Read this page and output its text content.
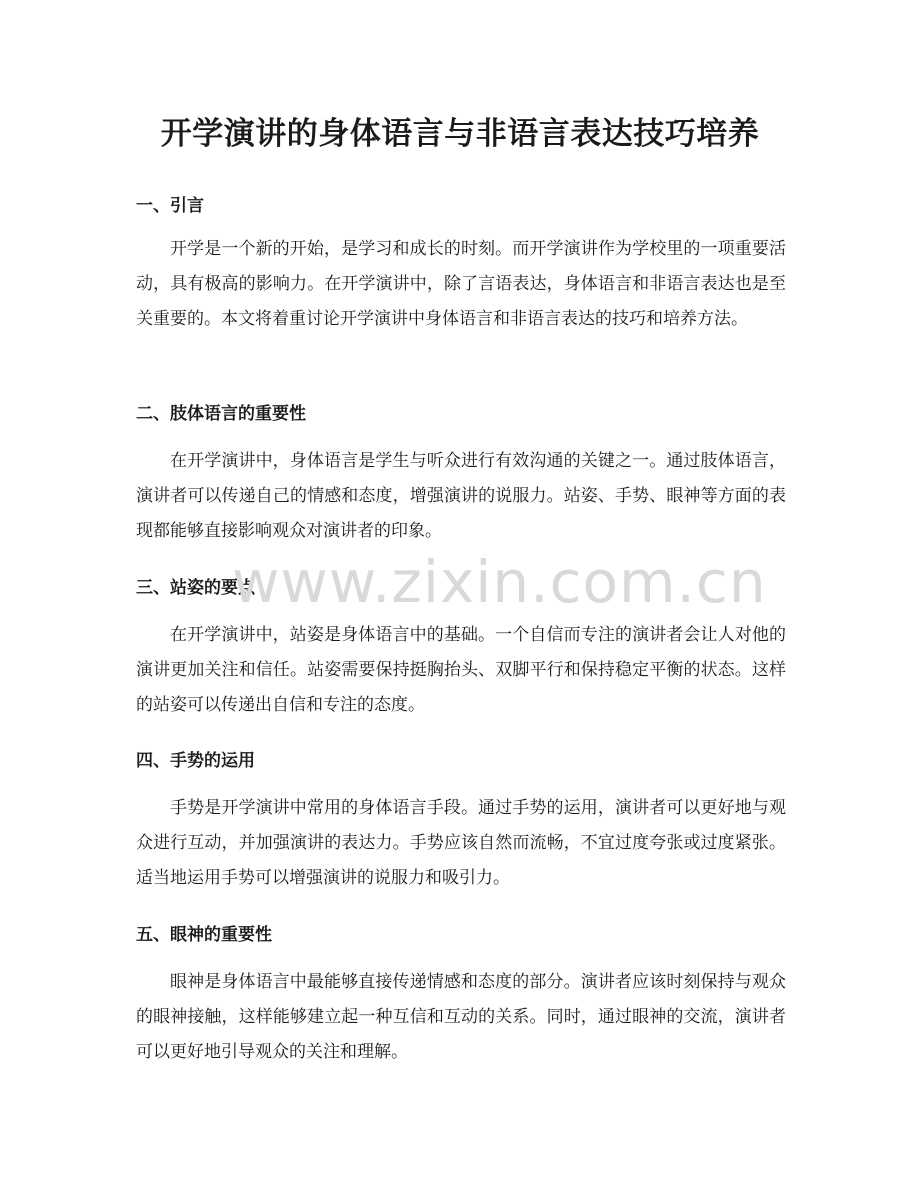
开学演讲的身体语言与非语言表达技巧培养
一、引言

开学是一个新的开始，是学习和成长的时刻。而开学演讲作为学校里的一项重要活动，具有极高的影响力。在开学演讲中，除了言语表达，身体语言和非语言表达也是至关重要的。本文将着重讨论开学演讲中身体语言和非语言表达的技巧和培养方法。

二、肢体语言的重要性

在开学演讲中，身体语言是学生与听众进行有效沟通的关键之一。通过肢体语言，演讲者可以传递自己的情感和态度，增强演讲的说服力。站姿、手势、眼神等方面的表现都能够直接影响观众对演讲者的印象。

三、站姿的要点

在开学演讲中，站姿是身体语言中的基础。一个自信而专注的演讲者会让人对他的演讲更加关注和信任。站姿需要保持挺胸抬头、双脚平行和保持稳定平衡的状态。这样的站姿可以传递出自信和专注的态度。

四、手势的运用

手势是开学演讲中常用的身体语言手段。通过手势的运用，演讲者可以更好地与观众进行互动，并加强演讲的表达力。手势应该自然而流畅，不宜过度夸张或过度紧张。适当地运用手势可以增强演讲的说服力和吸引力。

五、眼神的重要性

眼神是身体语言中最能够直接传递情感和态度的部分。演讲者应该时刻保持与观众的眼神接触，这样能够建立起一种互信和互动的关系。同时，通过眼神的交流，演讲者可以更好地引导观众的关注和理解。

www.zixin.com.cn
